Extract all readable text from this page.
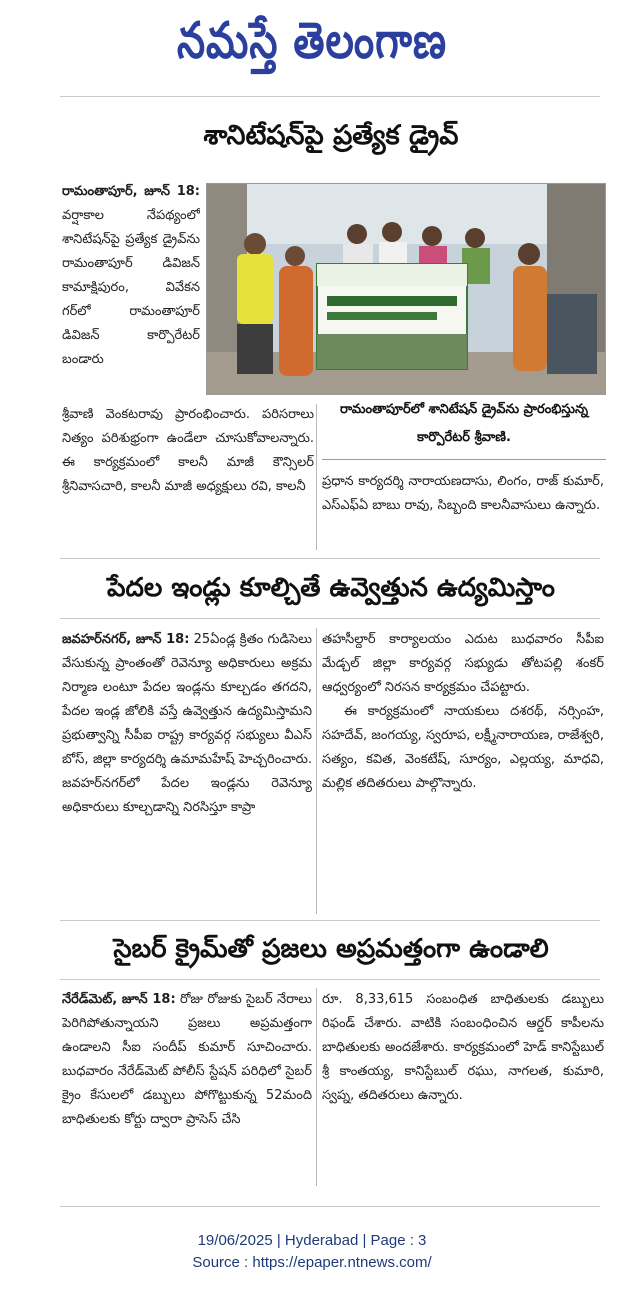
నమస్తే తెలంగాణ
శానిటేషన్‌పై ప్రత్యేక డ్రైవ్

రామంతాపూర్, జూన్ 18: వర్షాకాల నేపథ్యంలో శానిటేషన్‌పై ప్రత్యేక డ్రైవ్‌ను రామంతాపూర్ డివిజన్ కామాక్షిపురం, వివేకన గర్‌లో రామంతాపూర్ డివిజన్ కార్పొరేటర్ బండారు

రామంతాపూర్‌లో శానిటేషన్ డ్రైవ్‌ను ప్రారంభిస్తున్న కార్పొరేటర్ శ్రీవాణి.

శ్రీవాణి వెంకటరావు ప్రారంభించారు. పరిసరాలు నిత్యం పరిశుభ్రంగా ఉండేలా చూసుకోవాలన్నారు. ఈ కార్యక్రమంలో కాలనీ మాజీ కౌన్సిలర్ శ్రీనివాసచారి, కాలనీ మాజీ అధ్యక్షులు రవి, కాలనీ	ప్రధాన కార్యదర్శి నారాయణదాసు, లింగం, రాజ్ కుమార్, ఎస్ఎఫ్ఏ బాబు రావు, సిబ్బంది కాలనీవాసులు ఉన్నారు.

పేదల ఇండ్లు కూల్చితే ఉవ్వెత్తున ఉద్యమిస్తాం

జవహర్‌నగర్, జూన్ 18: 25ఏండ్ల క్రితం గుడిసెలు వేసుకున్న ప్రాంతంతో రెవెన్యూ అధికారులు అక్రమ నిర్మాణ లంటూ పేదల ఇండ్లను కూల్చడం తగదని, పేదల ఇండ్ల జోలికి వస్తే ఉవ్వెత్తున ఉద్యమిస్తామని ప్రభుత్వాన్ని సీపీఐ రాష్ట్ర కార్యవర్గ సభ్యులు వీఎస్ బోస్, జిల్లా కార్యదర్శి ఉమామహేష్ హెచ్చరించారు. జవహర్‌నగర్‌లో పేదల ఇండ్లను రెవెన్యూ అధికారులు కూల్చడాన్ని నిరసిస్తూ కాప్రా

తహసీల్దార్ కార్యాలయం ఎదుట బుధవారం సీపీఐ మేడ్చల్ జిల్లా కార్యవర్గ సభ్యుడు తోటపల్లి శంకర్ ఆధ్వర్యంలో నిరసన కార్యక్రమం చేపట్టారు.

ఈ కార్యక్రమంలో నాయకులు దశరథ్, నర్సింహ, సహదేవ్, జంగయ్య, స్వరూప, లక్ష్మీనారాయణ, రాజేశ్వరి, సత్యం, కవిత, వెంకటేష్, సూర్యం, ఎల్లయ్య, మాధవి, మల్లిక తదితరులు పాల్గొన్నారు.

సైబర్ క్రైమ్‌తో ప్రజలు అప్రమత్తంగా ఉండాలి

నేరేడ్‌మెట్, జూన్ 18: రోజు రోజుకు సైబర్ నేరాలు పెరిగిపోతున్నాయని ప్రజలు అప్రమత్తంగా ఉండాలని సీఐ సందీప్ కుమార్ సూచించారు. బుధవారం నేరేడ్‌మెట్ పోలీస్ స్టేషన్ పరిధిలో సైబర్ క్రైం కేసులలో డబ్బులు పోగొట్టుకున్న 52మంది బాధితులకు కోర్టు ద్వారా ప్రాసెస్ చేసి

రూ. 8,33,615 సంబంధిత బాధితులకు డబ్బులు రిఫండ్ చేశారు. వాటికి సంబంధించిన ఆర్డర్ కాపీలను బాధితులకు అందజేశారు. కార్యక్రమంలో హెడ్ కానిస్టేబుల్ శ్రీ కాంతయ్య, కానిస్టేబుల్ రఘు, నాగలత, కుమారి, స్వప్న, తదితరులు ఉన్నారు.

19/06/2025 | Hyderabad | Page : 3
Source : https://epaper.ntnews.com/
